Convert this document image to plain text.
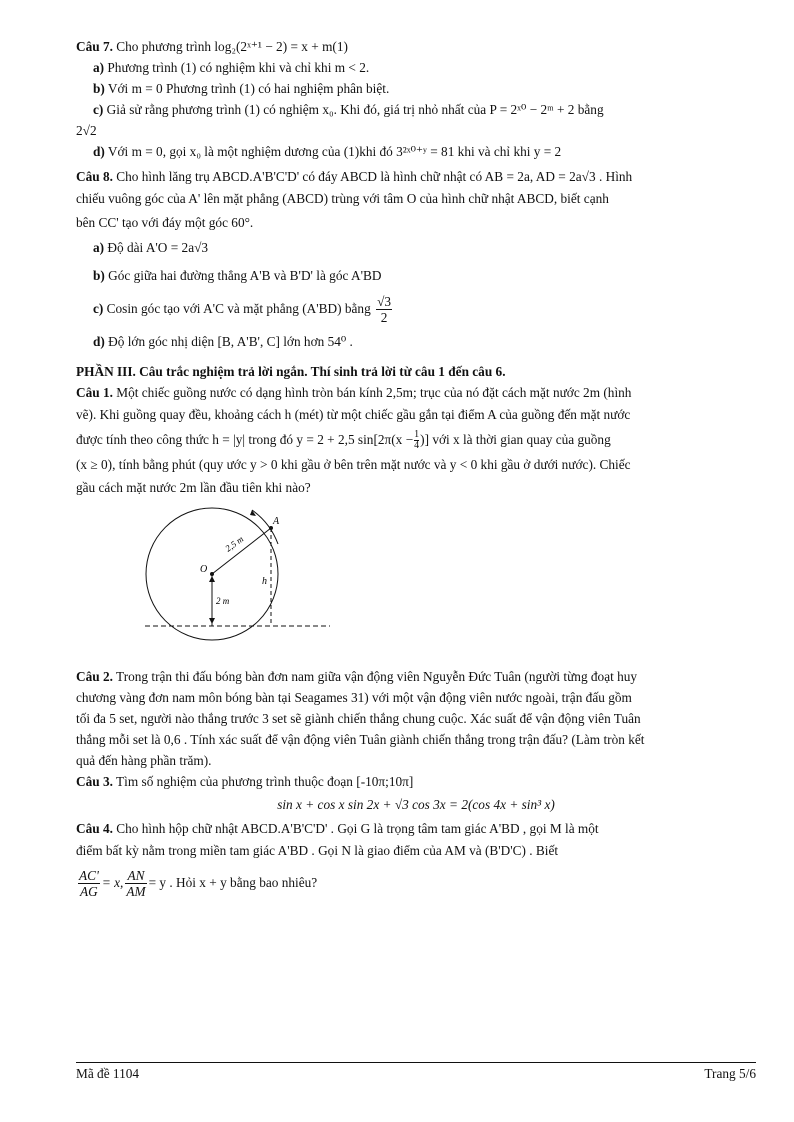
Câu 7. Cho phương trình log₂(2ˣ⁺¹ − 2) = x + m(1)
a) Phương trình (1) có nghiệm khi và chỉ khi m < 2.
b) Với m = 0 Phương trình (1) có hai nghiệm phân biệt.
c) Giả sử rằng phương trình (1) có nghiệm x₀. Khi đó, giá trị nhỏ nhất của P = 2ˣ⁰ − 2ᵐ + 2 bằng
2√2
d) Với m = 0, gọi x₀ là một nghiệm dương của (1)khi đó 3²ˣ⁰⁺ʸ = 81 khi và chỉ khi y = 2
Câu 8. Cho hình lăng trụ ABCD.A'B'C'D' có đáy ABCD là hình chữ nhật có AB = 2a, AD = 2a√3 . Hình
chiếu vuông góc của A' lên mặt phẳng (ABCD) trùng với tâm O của hình chữ nhật ABCD, biết cạnh
bên CC' tạo với đáy một góc 60°.
a) Độ dài A'O = 2a√3
b) Góc giữa hai đường thẳng A'B và B'D' là góc A'BD
c) Cosin góc tạo với A'C và mặt phẳng (A'BD) bằng $\frac{√3}{2}$
d) Độ lớn góc nhị diện [B, A'B', C] lớn hơn 54⁰ .
PHẦN III. Câu trắc nghiệm trả lời ngắn. Thí sinh trả lời từ câu 1 đến câu 6.
Câu 1. Một chiếc guồng nước có dạng hình tròn bán kính 2,5m; trục của nó đặt cách mặt nước 2m (hình
vẽ). Khi guồng quay đều, khoảng cách h (mét) từ một chiếc gầu gắn tại điểm A của guồng đến mặt nước
được tính theo công thức h = |y| trong đó y = 2 + 2,5 $\sin[2\pi(x - \frac{1}{4}$ )] với x là thời gian quay của guồng
(x ≥ 0), tính bằng phút (quy ước y > 0 khi gầu ở bên trên mặt nước và y < 0 khi gầu ở dưới nước). Chiếc
gầu cách mặt nước 2m lần đầu tiên khi nào?
A
O
2,5 m
h
2 m
Câu 2. Trong trận thi đấu bóng bàn đơn nam giữa vận động viên Nguyễn Đức Tuân (người từng đoạt huy
chương vàng đơn nam môn bóng bàn tại Seagames 31) với một vận động viên nước ngoài, trận đấu gồm
tối đa 5 set, người nào thắng trước 3 set sẽ giành chiến thắng chung cuộc. Xác suất để vận động viên Tuân
thắng mỗi set là 0,6 . Tính xác suất để vận động viên Tuân giành chiến thắng trong trận đấu? (Làm tròn kết
quả đến hàng phần trăm).
Câu 3. Tìm số nghiệm của phương trình thuộc đoạn [-10π;10π]
sin x + cos x sin 2x + √3 cos 3x = 2(cos 4x + sin³ x)
Câu 4. Cho hình hộp chữ nhật ABCD.A'B'C'D' . Gọi G là trọng tâm tam giác A'BD , gọi M là một
điểm bất kỳ nằm trong miền tam giác A'BD . Gọi N là giao điểm của AM và (B'D'C) . Biết
$\frac{AC'}{AG} = x$, $\frac{AN}{AM} = y$ . Hỏi x + y bằng bao nhiêu?
Mã đề 1104	Trang 5/6
